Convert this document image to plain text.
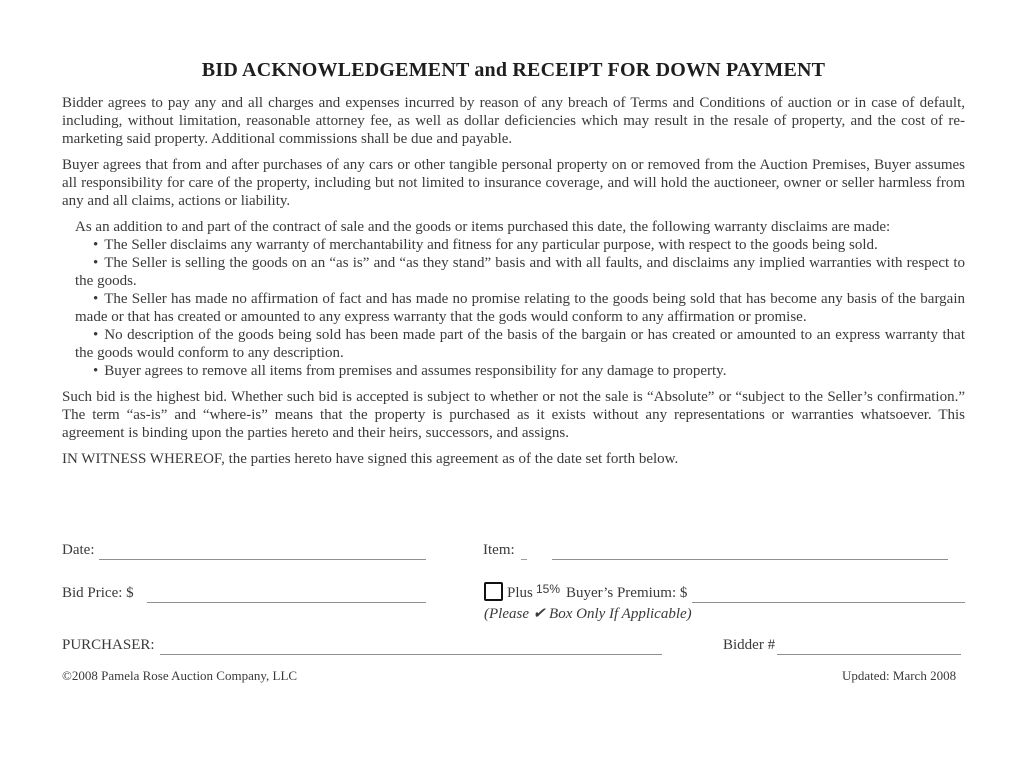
BID ACKNOWLEDGEMENT and RECEIPT FOR DOWN PAYMENT

Bidder agrees to pay any and all charges and expenses incurred by reason of any breach of Terms and Conditions of auction or in case of default, including, without limitation, reasonable attorney fee, as well as dollar deficiencies which may result in the resale of property, and the cost of re-marketing said property. Additional commissions shall be due and payable.

Buyer agrees that from and after purchases of any cars or other tangible personal property on or removed from the Auction Premises, Buyer assumes all responsibility for care of the property, including but not limited to insurance coverage, and will hold the auctioneer, owner or seller harmless from any and all claims, actions or liability.

As an addition to and part of the contract of sale and the goods or items purchased this date, the following warranty disclaims are made:

• The Seller disclaims any warranty of merchantability and fitness for any particular purpose, with respect to the goods being sold.
• The Seller is selling the goods on an “as is” and “as they stand” basis and with all faults, and disclaims any implied warranties with respect to the goods.
• The Seller has made no affirmation of fact and has made no promise relating to the goods being sold that has become any basis of the bargain made or that has created or amounted to any express warranty that the gods would conform to any affirmation or promise.
• No description of the goods being sold has been made part of the basis of the bargain or has created or amounted to an express warranty that the goods would conform to any description.
• Buyer agrees to remove all items from premises and assumes responsibility for any damage to property.

Such bid is the highest bid. Whether such bid is accepted is subject to whether or not the sale is “Absolute” or “subject to the Seller’s confirmation.” The term “as-is” and “where-is” means that the property is purchased as it exists without any representations or warranties whatsoever. This agreement is binding upon the parties hereto and their heirs, successors, and assigns.

IN WITNESS WHEREOF, the parties hereto have signed this agreement as of the date set forth below.

Date:	Item: _
Bid Price: $	Plus 15% Buyer’s Premium: $
(Please ✔ Box Only If Applicable)
PURCHASER:	Bidder #
©2008 Pamela Rose Auction Company, LLC	Updated: March 2008
